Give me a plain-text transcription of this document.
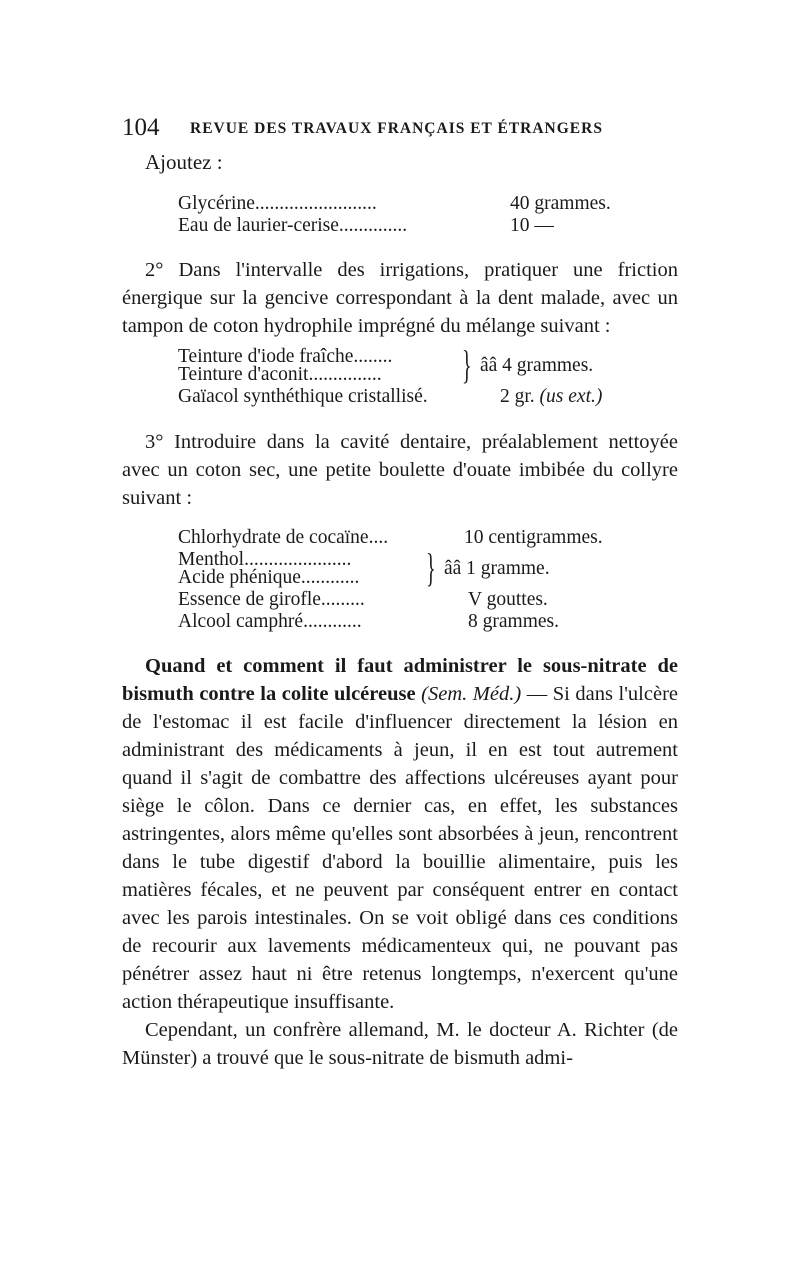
104 REVUE DES TRAVAUX FRANÇAIS ET ÉTRANGERS
Ajoutez :
Glycérine.........................	40 grammes.
Eau de laurier-cerise..............	10 —

2° Dans l'intervalle des irrigations, pratiquer une friction énergique sur la gencive correspondant à la dent malade, avec un tampon de coton hydrophile imprégné du mélange suivant :

Teinture d'iode fraîche........
Teinture d'aconit............... } ââ 4 grammes.
Gaïacol synthéthique cristallisé.	2 gr. (us ext.)

3° Introduire dans la cavité dentaire, préalablement nettoyée avec un coton sec, une petite boulette d'ouate imbibée du collyre suivant :

Chlorhydrate de cocaïne....	10 centigrammes.
Menthol......................
Acide phénique............ } ââ 1 gramme.
Essence de girofle.........	V gouttes.
Alcool camphré............	8 grammes.

Quand et comment il faut administrer le sous-nitrate de bismuth contre la colite ulcéreuse (Sem. Méd.) — Si dans l'ulcère de l'estomac il est facile d'influencer directement la lésion en administrant des médicaments à jeun, il en est tout autrement quand il s'agit de combattre des affections ulcéreuses ayant pour siège le côlon. Dans ce dernier cas, en effet, les substances astringentes, alors même qu'elles sont absorbées à jeun, rencontrent dans le tube digestif d'abord la bouillie alimentaire, puis les matières fécales, et ne peuvent par conséquent entrer en contact avec les parois intestinales. On se voit obligé dans ces conditions de recourir aux lavements médicamenteux qui, ne pouvant pas pénétrer assez haut ni être retenus longtemps, n'exercent qu'une action thérapeutique insuffisante.

Cependant, un confrère allemand, M. le docteur A. Richter (de Münster) a trouvé que le sous-nitrate de bismuth admi-
